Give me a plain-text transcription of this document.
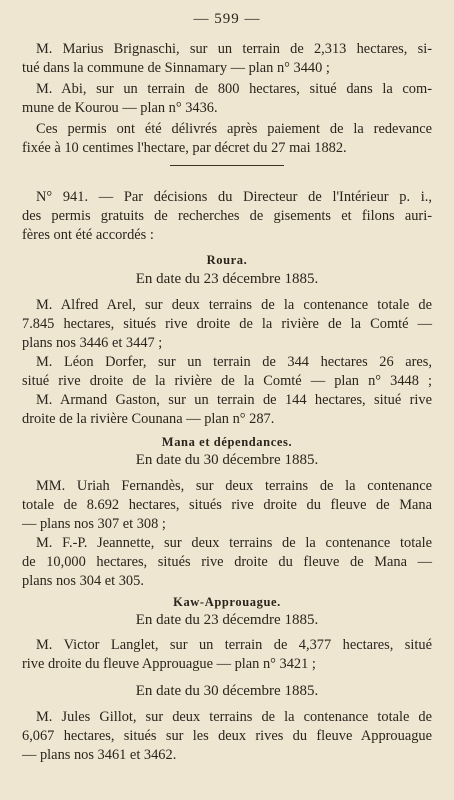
— 599 —
M. Marius Brignaschi, sur un terrain de 2,313 hectares, si-
tué dans la commune de Sinnamary — plan n° 3440 ;
M. Abi, sur un terrain de 800 hectares, situé dans la com-
mune de Kourou — plan n° 3436.
Ces permis ont été délivrés après paiement de la redevance
fixée à 10 centimes l'hectare, par décret du 27 mai 1882.
N° 941. — Par décisions du Directeur de l'Intérieur p. i.,
des permis gratuits de recherches de gisements et filons auri-
fères ont été accordés :
Roura.
En date du 23 décembre 1885.
M. Alfred Arel, sur deux terrains de la contenance totale de
7.845 hectares, situés rive droite de la rivière de la Comté —
plans nos 3446 et 3447 ;
M. Léon Dorfer, sur un terrain de 344 hectares 26 ares,
situé rive droite de la rivière de la Comté — plan n° 3448 ;
M. Armand Gaston, sur un terrain de 144 hectares, situé rive
droite de la rivière Counana — plan n° 287.
Mana et dépendances.
En date du 30 décembre 1885.
MM. Uriah Fernandès, sur deux terrains de la contenance
totale de 8.692 hectares, situés rive droite du fleuve de Mana
— plans nos 307 et 308 ;
M. F.-P. Jeannette, sur deux terrains de la contenance totale
de 10,000 hectares, situés rive droite du fleuve de Mana —
plans nos 304 et 305.
Kaw-Approuague.
En date du 23 décemdre 1885.
M. Victor Langlet, sur un terrain de 4,377 hectares, situé
rive droite du fleuve Approuague — plan n° 3421 ;
En date du 30 décembre 1885.
M. Jules Gillot, sur deux terrains de la contenance totale de
6,067 hectares, situés sur les deux rives du fleuve Approuague
— plans nos 3461 et 3462.
